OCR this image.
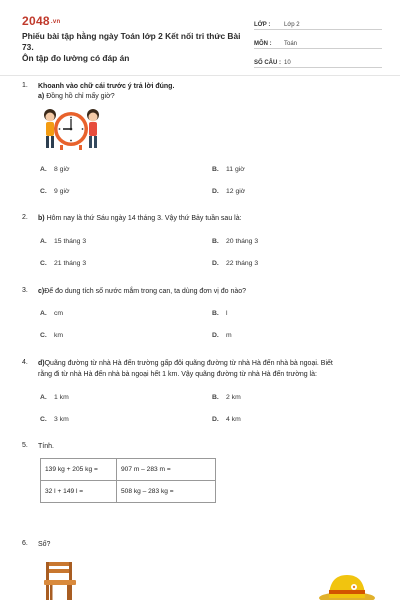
2048.vn
Phiếu bài tập hằng ngày Toán lớp 2 Kết nối tri thức Bài 73.
Ôn tập đo lường có đáp án
LỚP :	Lớp 2
MÔN :	Toán
SỐ CÂU : 10
1. Khoanh vào chữ cái trước ý trả lời đúng.
a) Đồng hồ chỉ mấy giờ?
A. 8 giờ	B. 11 giờ
C. 9 giờ	D. 12 giờ
2. b) Hôm nay là thứ Sáu ngày 14 tháng 3. Vậy thứ Bảy tuần sau là:
A. 15 tháng 3	B. 20 tháng 3
C. 21 tháng 3	D. 22 tháng 3
3. c)Để đo dung tích số nước mắm trong can, ta dùng đơn vị đo nào?
A. cm	B. l
C. km	D. m
4. d)Quãng đường từ nhà Hà đến trường gấp đôi quãng đường từ nhà Hà đến nhà bà ngoại. Biết
rằng đi từ nhà Hà đến nhà bà ngoại hết 1 km. Vậy quãng đường từ nhà Hà đến trường là:
A. 1 km	B. 2 km
C. 3 km	D. 4 km
5. Tính.
139 kg + 205 kg =	907 m – 283 m =
32 l + 149 l =	508 kg – 283 kg =
6. Số?
